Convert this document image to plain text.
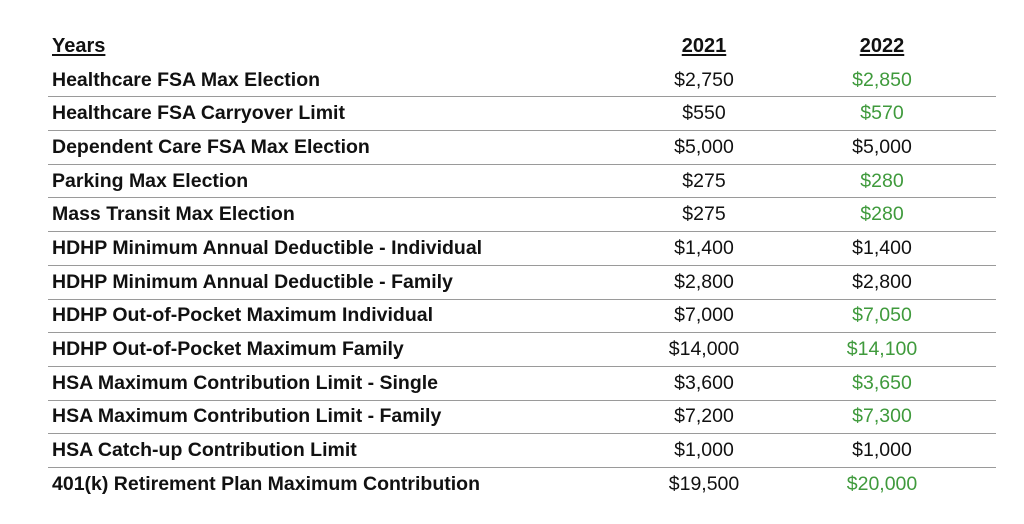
Years	2021	2022
Healthcare FSA Max Election	$2,750	$2,850
Healthcare FSA Carryover Limit	$550	$570
Dependent Care FSA Max Election	$5,000	$5,000
Parking Max Election	$275	$280
Mass Transit Max Election	$275	$280
HDHP Minimum Annual Deductible - Individual	$1,400	$1,400
HDHP Minimum Annual Deductible - Family	$2,800	$2,800
HDHP Out-of-Pocket Maximum Individual	$7,000	$7,050
HDHP Out-of-Pocket Maximum Family	$14,000	$14,100
HSA Maximum Contribution Limit - Single	$3,600	$3,650
HSA Maximum Contribution Limit - Family	$7,200	$7,300
HSA Catch-up Contribution Limit	$1,000	$1,000
401(k) Retirement Plan Maximum Contribution	$19,500	$20,000
